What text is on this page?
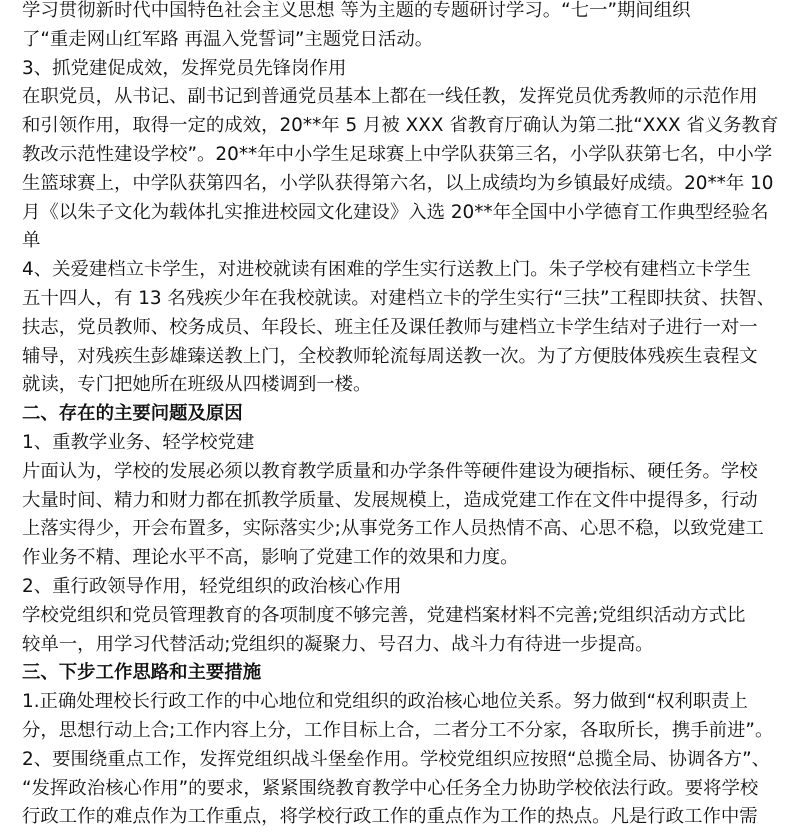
学习贯彻新时代中国特色社会主义思想 等为主题的专题研讨学习。“七一”期间组织
了“重走网山红军路 再温入党誓词”主题党日活动。
3、抓党建促成效，发挥党员先锋岗作用
在职党员，从书记、副书记到普通党员基本上都在一线任教，发挥党员优秀教师的示范作用
和引领作用，取得一定的成效，20**年 5 月被 XXX 省教育厅确认为第二批“XXX 省义务教育
教改示范性建设学校”。20**年中小学生足球赛上中学队获第三名，小学队获第七名，中小学
生篮球赛上，中学队获第四名，小学队获得第六名，以上成绩均为乡镇最好成绩。20**年 10
月《以朱子文化为载体扎实推进校园文化建设》入选 20**年全国中小学德育工作典型经验名
单
4、关爱建档立卡学生，对进校就读有困难的学生实行送教上门。朱子学校有建档立卡学生
五十四人，有 13 名残疾少年在我校就读。对建档立卡的学生实行“三扶”工程即扶贫、扶智、
扶志，党员教师、校务成员、年段长、班主任及课任教师与建档立卡学生结对子进行一对一
辅导，对残疾生彭雄臻送教上门，全校教师轮流每周送教一次。为了方便肢体残疾生袁程文
就读，专门把她所在班级从四楼调到一楼。
二、存在的主要问题及原因
1、重教学业务、轻学校党建
片面认为，学校的发展必须以教育教学质量和办学条件等硬件建设为硬指标、硬任务。学校
大量时间、精力和财力都在抓教学质量、发展规模上，造成党建工作在文件中提得多，行动
上落实得少，开会布置多，实际落实少;从事党务工作人员热情不高、心思不稳，以致党建工
作业务不精、理论水平不高，影响了党建工作的效果和力度。
2、重行政领导作用，轻党组织的政治核心作用
学校党组织和党员管理教育的各项制度不够完善，党建档案材料不完善;党组织活动方式比
较单一，用学习代替活动;党组织的凝聚力、号召力、战斗力有待进一步提高。
三、下步工作思路和主要措施
1.正确处理校长行政工作的中心地位和党组织的政治核心地位关系。努力做到“权利职责上
分，思想行动上合;工作内容上分，工作目标上合，二者分工不分家，各取所长，携手前进”。
2、要围绕重点工作，发挥党组织战斗堡垒作用。学校党组织应按照“总揽全局、协调各方”、
“发挥政治核心作用”的要求，紧紧围绕教育教学中心任务全力协助学校依法行政。要将学校
行政工作的难点作为工作重点，将学校行政工作的重点作为工作的热点。凡是行政工作中需
